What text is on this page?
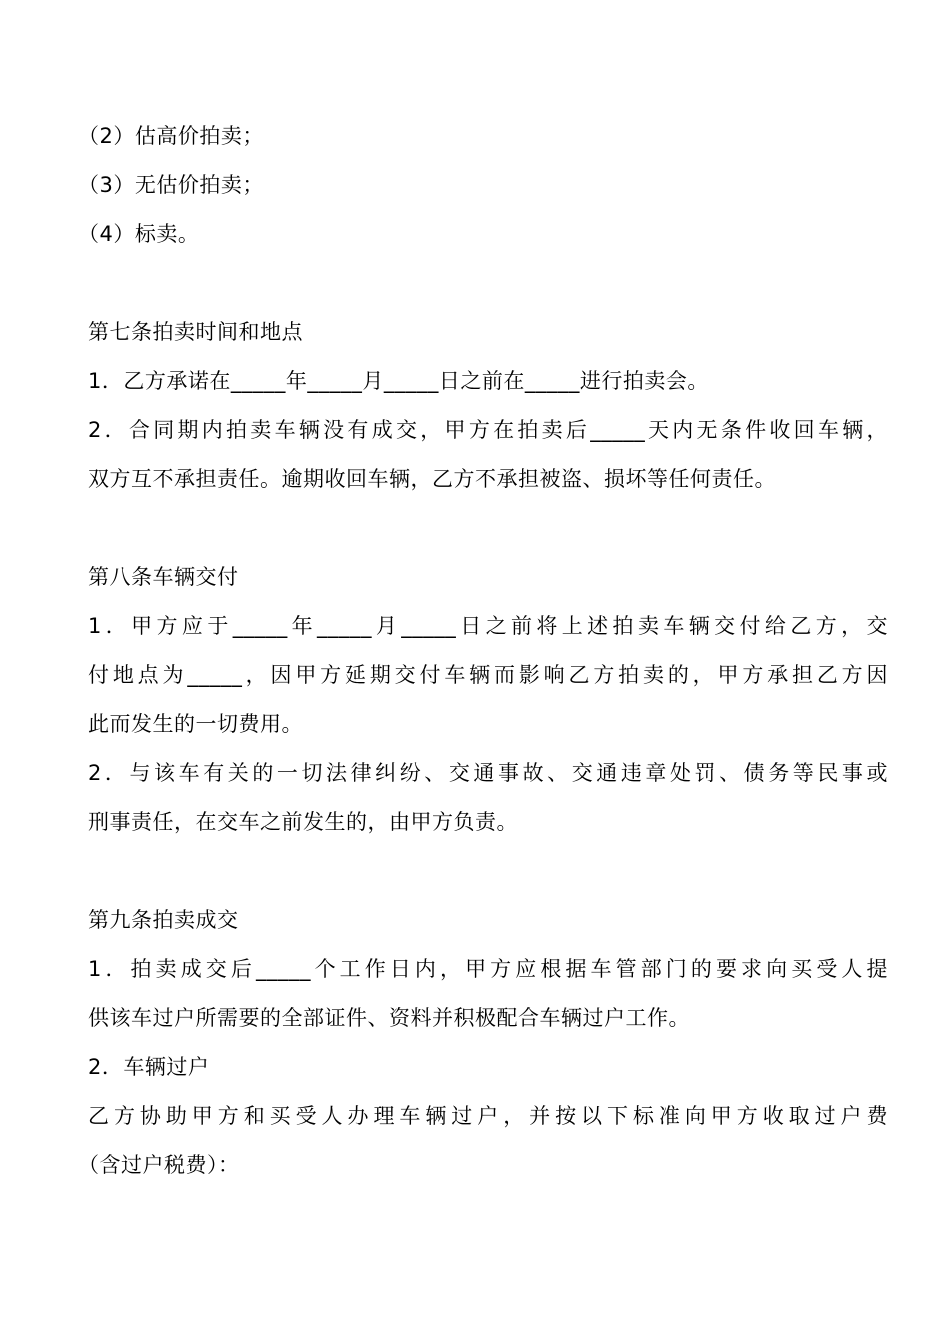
（2）估高价拍卖；

（3）无估价拍卖；

（4）标卖。

第七条拍卖时间和地点

1．乙方承诺在_____年_____月_____日之前在_____进行拍卖会。

2．合同期内拍卖车辆没有成交，甲方在拍卖后_____天内无条件收回车辆，

双方互不承担责任。逾期收回车辆，乙方不承担被盗、损坏等任何责任。

第八条车辆交付

1．甲方应于_____年_____月_____日之前将上述拍卖车辆交付给乙方，交

付地点为_____，因甲方延期交付车辆而影响乙方拍卖的，甲方承担乙方因

此而发生的一切费用。

2．与该车有关的一切法律纠纷、交通事故、交通违章处罚、债务等民事或

刑事责任，在交车之前发生的，由甲方负责。

第九条拍卖成交

1．拍卖成交后_____个工作日内，甲方应根据车管部门的要求向买受人提

供该车过户所需要的全部证件、资料并积极配合车辆过户工作。

2．车辆过户

乙方协助甲方和买受人办理车辆过户，并按以下标准向甲方收取过户费

（含过户税费）：
